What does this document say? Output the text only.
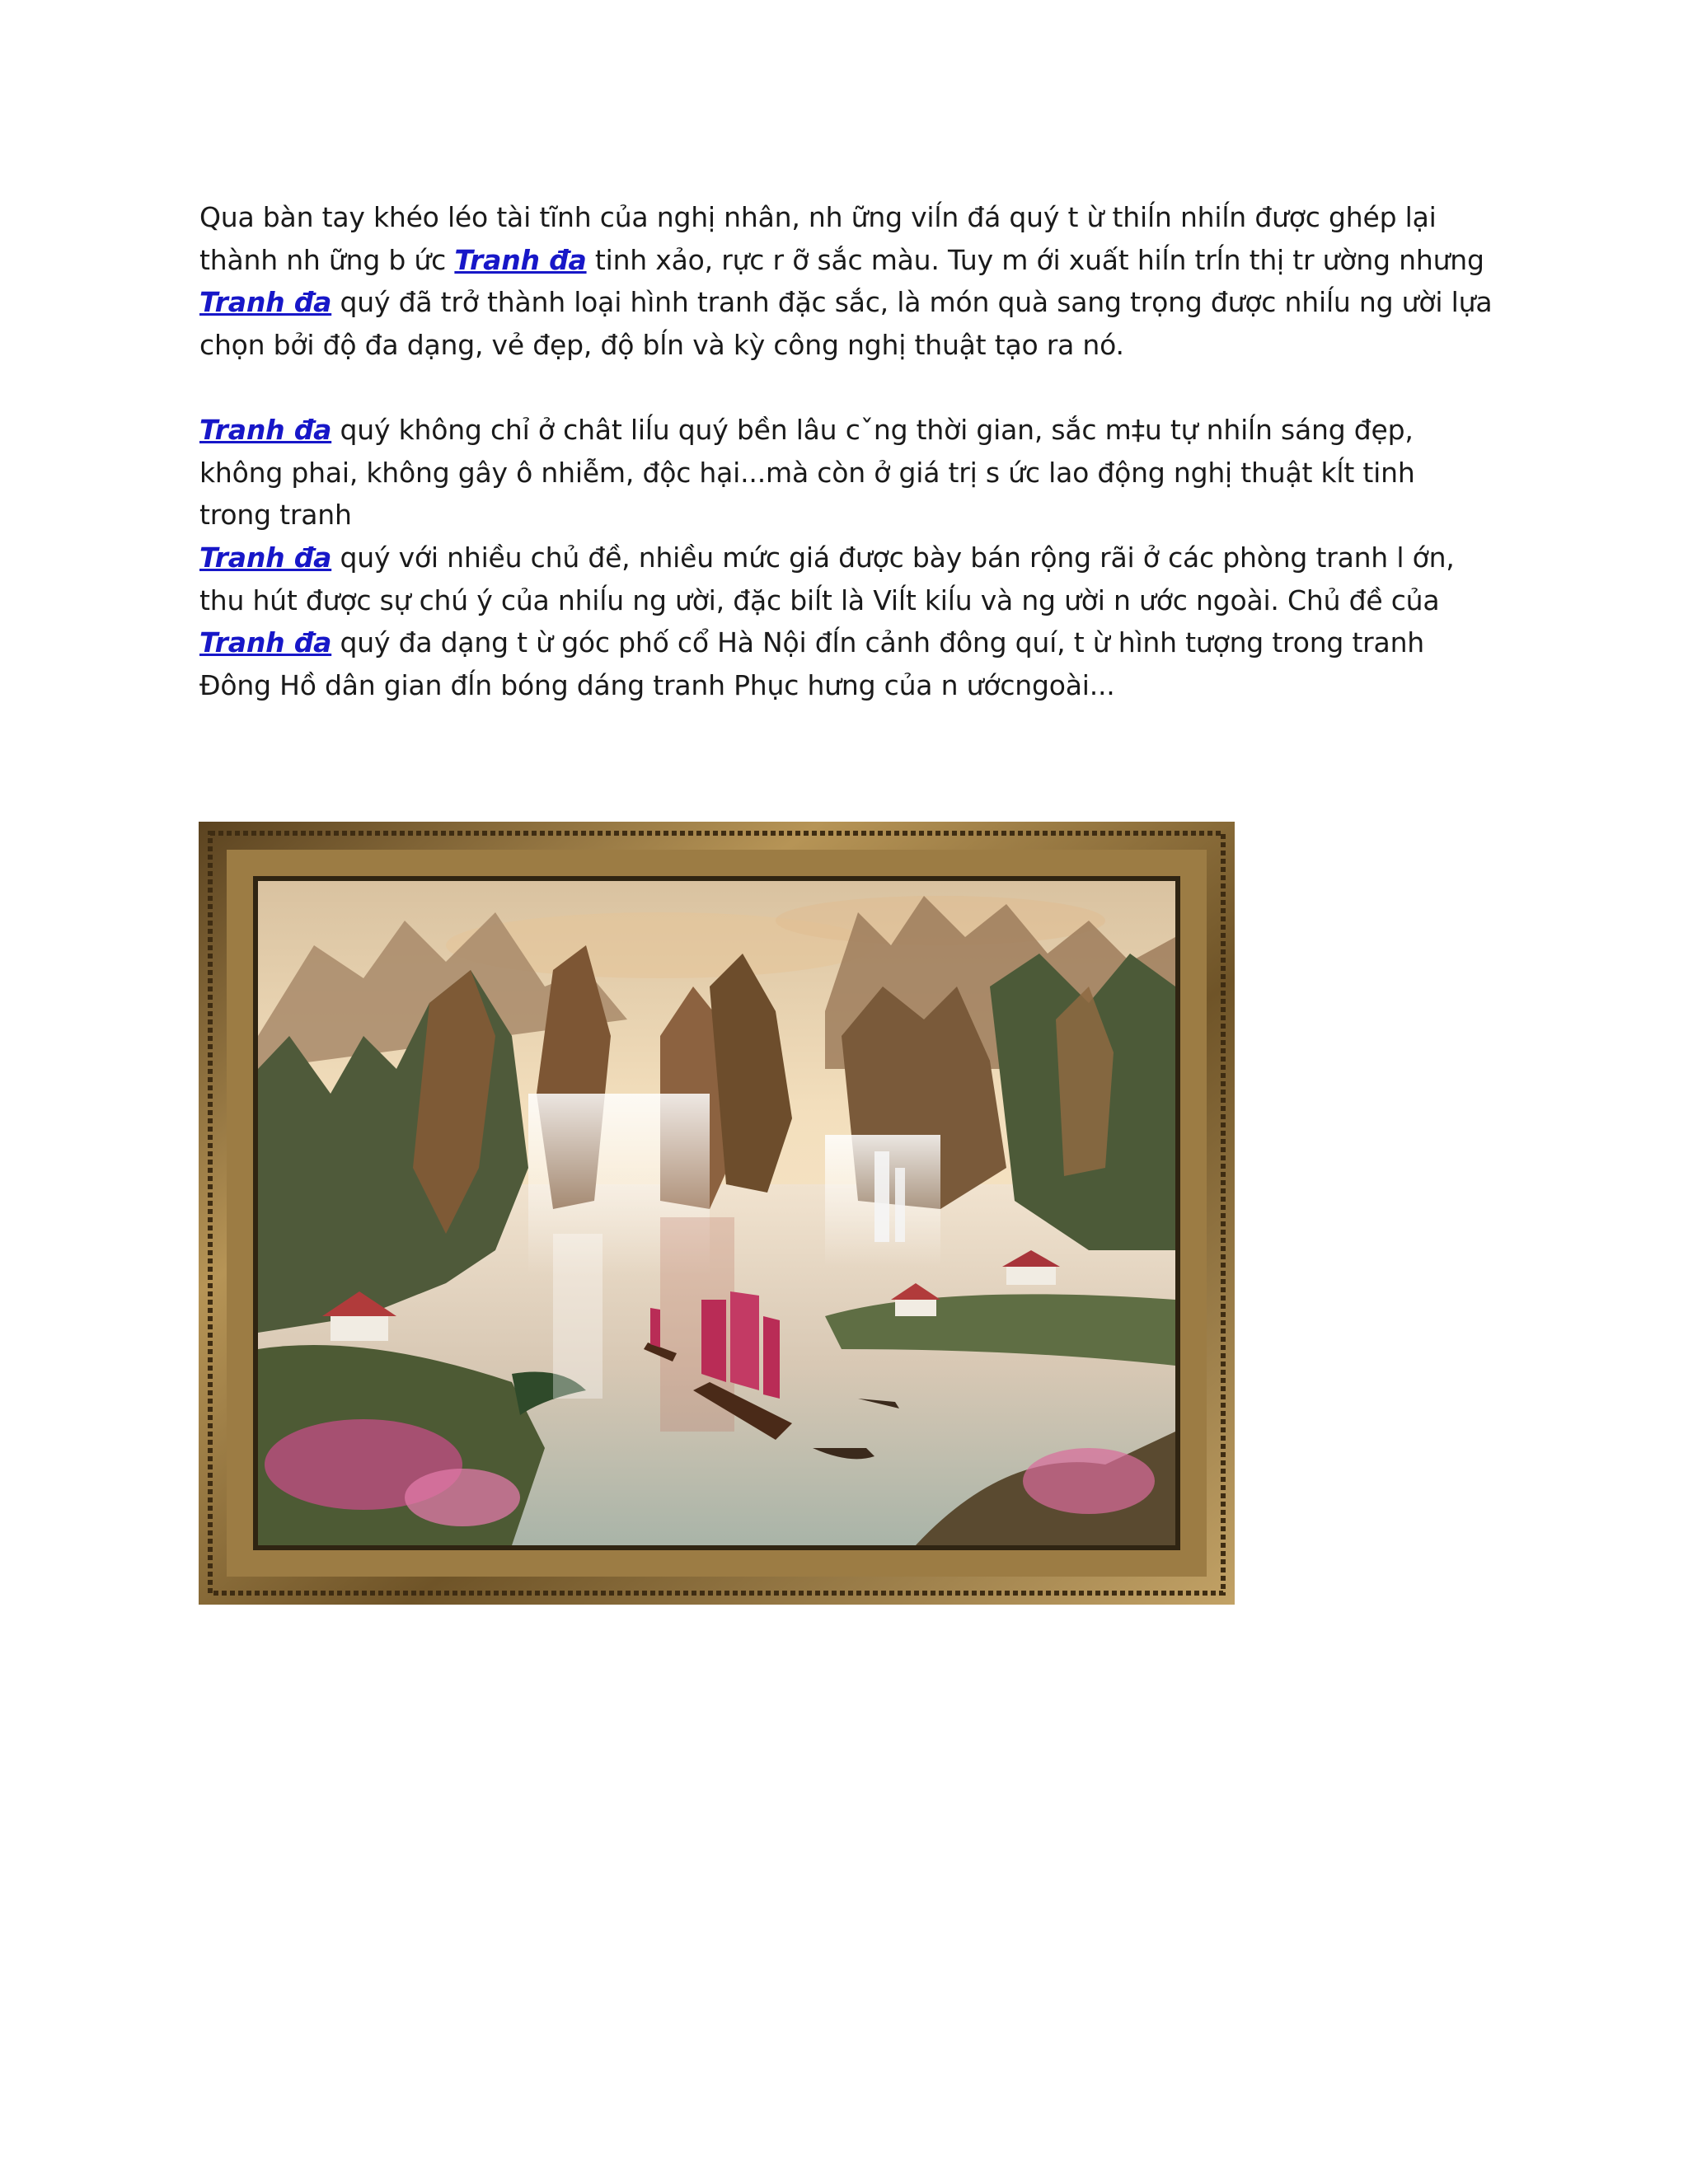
Qua bàn tay khéo léo tài tĩnh của nghị nhân, nh ững viĺn đá quý t ừ thiĺn nhiĺn được ghép lại thành nh ững b ức Tranh đa tinh xảo, rực r ỡ sắc màu. Tuy m ới xuất hiĺn trĺn thị tr ường nhưng Tranh đa quý đã trở thành loại hình tranh đặc sắc, là món quà sang trọng được nhiĺu ng ười lựa chọn bởi độ đa dạng, vẻ đẹp, độ bĺn và kỳ công nghị thuật tạo ra nó.

Tranh đa quý không chỉ ở chât liĺu quý bền lâu cˇng thời gian, sắc m‡u tự nhiĺn sáng đẹp, không phai, không gây ô nhiễm, độc hại...mà còn ở giá trị s ức lao động nghị thuật kĺt tinh trong tranh

Tranh đa quý với nhiều chủ đề, nhiều mức giá được bày bán rộng rãi ở các phòng tranh l ớn, thu hút được sự chú ý của nhiĺu ng ười, đặc biĺt là Viĺt kiĺu và ng ười n ước ngoài. Chủ đề của Tranh đa quý đa dạng t ừ góc phố cổ Hà Nội đĺn cảnh đông quí, t ừ hình tượng trong tranh Đông Hồ dân gian đĺn bóng dáng tranh Phục hưng của n ướcngoài...
